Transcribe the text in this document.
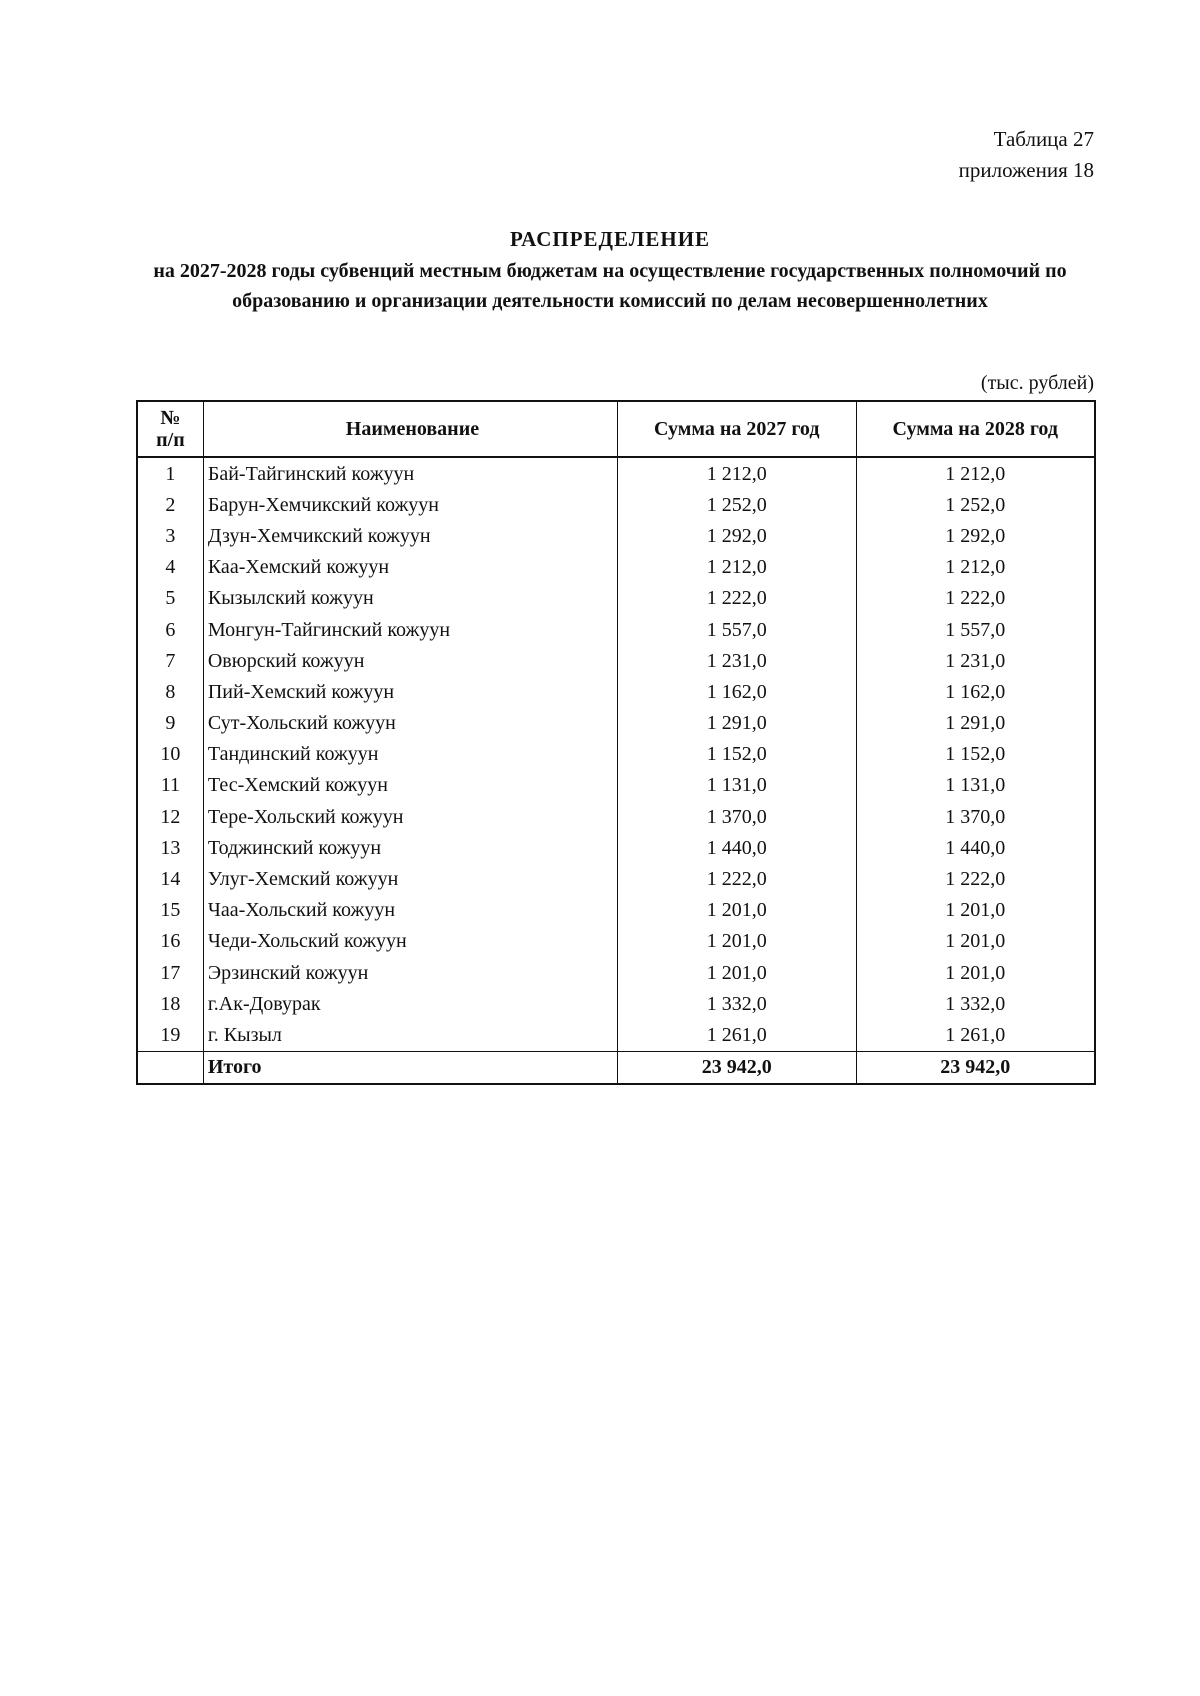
Таблица 27
приложения 18
РАСПРЕДЕЛЕНИЕ
на 2027-2028 годы субвенций местным бюджетам на осуществление государственных полномочий по образованию и организации деятельности комиссий по делам несовершеннолетних
(тыс. рублей)
№
п/п	Наименование	Сумма на 2027 год	Сумма на 2028 год
1	Бай-Тайгинский кожуун	1 212,0	1 212,0
2	Барун-Хемчикский кожуун	1 252,0	1 252,0
3	Дзун-Хемчикский кожуун	1 292,0	1 292,0
4	Каа-Хемский кожуун	1 212,0	1 212,0
5	Кызылский кожуун	1 222,0	1 222,0
6	Монгун-Тайгинский кожуун	1 557,0	1 557,0
7	Овюрский кожуун	1 231,0	1 231,0
8	Пий-Хемский кожуун	1 162,0	1 162,0
9	Сут-Хольский кожуун	1 291,0	1 291,0
10	Тандинский кожуун	1 152,0	1 152,0
11	Тес-Хемский кожуун	1 131,0	1 131,0
12	Тере-Хольский кожуун	1 370,0	1 370,0
13	Тоджинский кожуун	1 440,0	1 440,0
14	Улуг-Хемский кожуун	1 222,0	1 222,0
15	Чаа-Хольский кожуун	1 201,0	1 201,0
16	Чеди-Хольский кожуун	1 201,0	1 201,0
17	Эрзинский кожуун	1 201,0	1 201,0
18	г.Ак-Довурак	1 332,0	1 332,0
19	г. Кызыл	1 261,0	1 261,0
	Итого	23 942,0	23 942,0
